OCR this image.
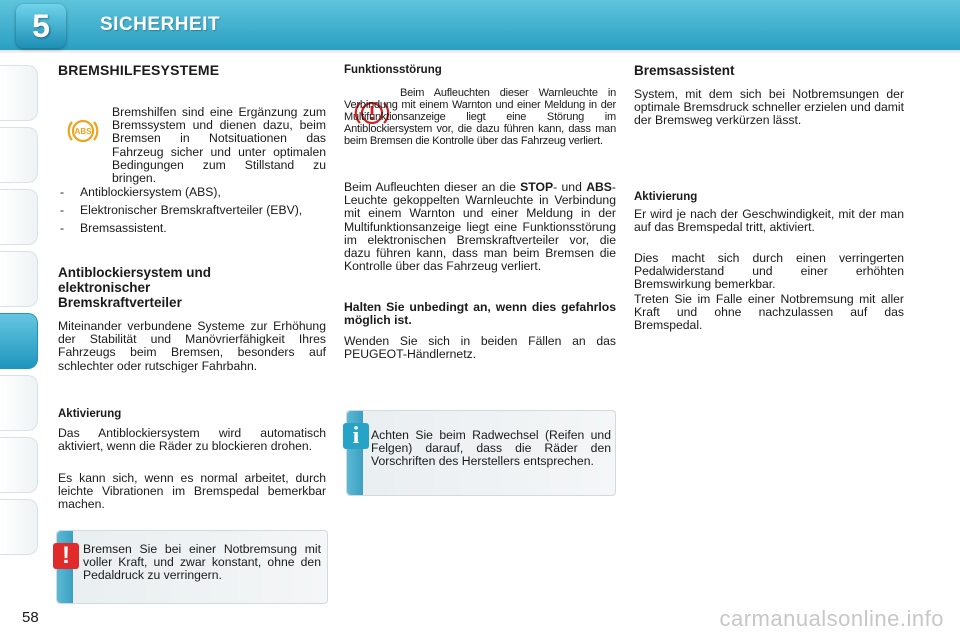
5	SICHERHEIT
BREMSHILFESYSTEME
ABS

Bremshilfen sind eine Ergänzung zum Bremssystem und dienen dazu, beim Bremsen in Notsituationen das Fahrzeug sicher und unter optimalen Bedingungen zum Stillstand zu bringen.

- Antiblockiersystem (ABS),
- Elektronischer Bremskraftverteiler (EBV),
- Bremsassistent.
Antiblockiersystem und elektronischer Bremskraftverteiler

Miteinander verbundene Systeme zur Erhöhung der Stabilität und Manövrierfähigkeit Ihres Fahrzeugs beim Bremsen, besonders auf schlechter oder rutschiger Fahrbahn.

Aktivierung

Das Antiblockiersystem wird automatisch aktiviert, wenn die Räder zu blockieren drohen.

Es kann sich, wenn es normal arbeitet, durch leichte Vibrationen im Bremspedal bemerkbar machen.

!	Bremsen Sie bei einer Notbremsung mit voller Kraft, und zwar konstant, ohne den Pedaldruck zu verringern.

Funktionsstörung

Beim Aufleuchten dieser Warnleuchte in Verbindung mit einem Warnton und einer Meldung in der Multifunktionsanzeige liegt eine Störung im Antiblockiersystem vor, die dazu führen kann, dass man beim Bremsen die Kontrolle über das Fahrzeug verliert.

Beim Aufleuchten dieser an die STOP- und ABS-Leuchte gekoppelten Warnleuchte in Verbindung mit einem Warnton und einer Meldung in der Multifunktionsanzeige liegt eine Funktionsstörung im elektronischen Bremskraftverteiler vor, die dazu führen kann, dass man beim Bremsen die Kontrolle über das Fahrzeug verliert.

Halten Sie unbedingt an, wenn dies gefahrlos möglich ist.

Wenden Sie sich in beiden Fällen an das PEUGEOT-Händlernetz.

i Achten Sie beim Radwechsel (Reifen und Felgen) darauf, dass die Räder den Vorschriften des Herstellers entsprechen.

Bremsassistent

System, mit dem sich bei Notbremsungen der optimale Bremsdruck schneller erzielen und damit der Bremsweg verkürzen lässt.

Aktivierung

Er wird je nach der Geschwindigkeit, mit der man auf das Bremspedal tritt, aktiviert.

Dies macht sich durch einen verringerten Pedalwiderstand und einer erhöhten Bremswirkung bemerkbar.

Treten Sie im Falle einer Notbremsung mit aller Kraft und ohne nachzulassen auf das Bremspedal.

58	carmanualsonline.info
